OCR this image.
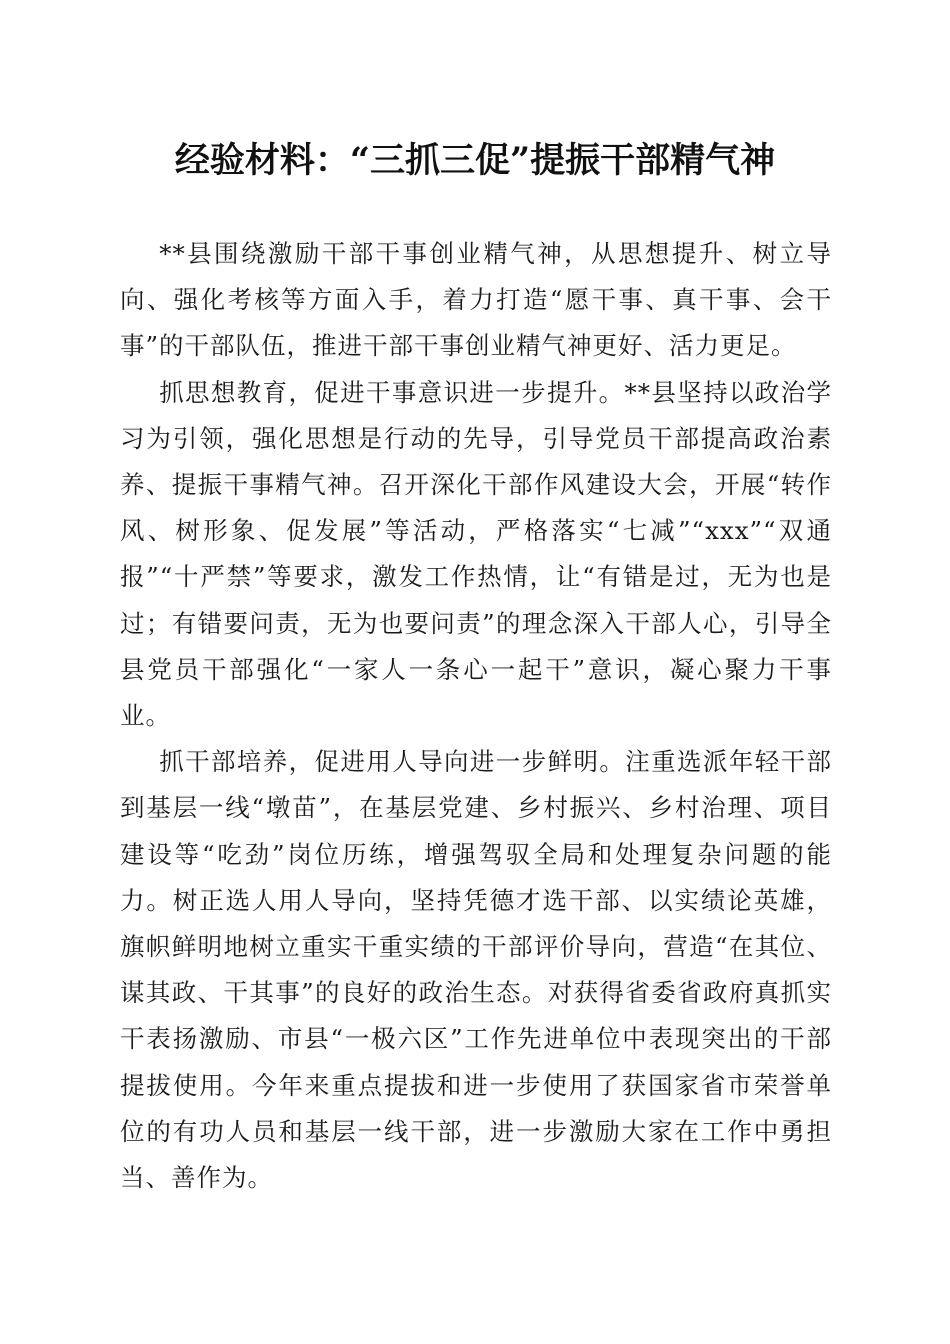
经验材料：“三抓三促”提振干部精气神

**县围绕激励干部干事创业精气神，从思想提升、树立导向、强化考核等方面入手，着力打造“愿干事、真干事、会干事”的干部队伍，推进干部干事创业精气神更好、活力更足。

抓思想教育，促进干事意识进一步提升。**县坚持以政治学习为引领，强化思想是行动的先导，引导党员干部提高政治素养、提振干事精气神。召开深化干部作风建设大会，开展“转作风、树形象、促发展”等活动，严格落实“七减”“xxx”“双通报”“十严禁”等要求，激发工作热情，让“有错是过，无为也是过；有错要问责，无为也要问责”的理念深入干部人心，引导全县党员干部强化“一家人一条心一起干”意识，凝心聚力干事业。

抓干部培养，促进用人导向进一步鲜明。注重选派年轻干部到基层一线“墩苗”，在基层党建、乡村振兴、乡村治理、项目建设等“吃劲”岗位历练，增强驾驭全局和处理复杂问题的能力。树正选人用人导向，坚持凭德才选干部、以实绩论英雄，旗帜鲜明地树立重实干重实绩的干部评价导向，营造“在其位、谋其政、干其事”的良好的政治生态。对获得省委省政府真抓实干表扬激励、市县“一极六区”工作先进单位中表现突出的干部提拔使用。今年来重点提拔和进一步使用了获国家省市荣誉单位的有功人员和基层一线干部，进一步激励大家在工作中勇担当、善作为。
